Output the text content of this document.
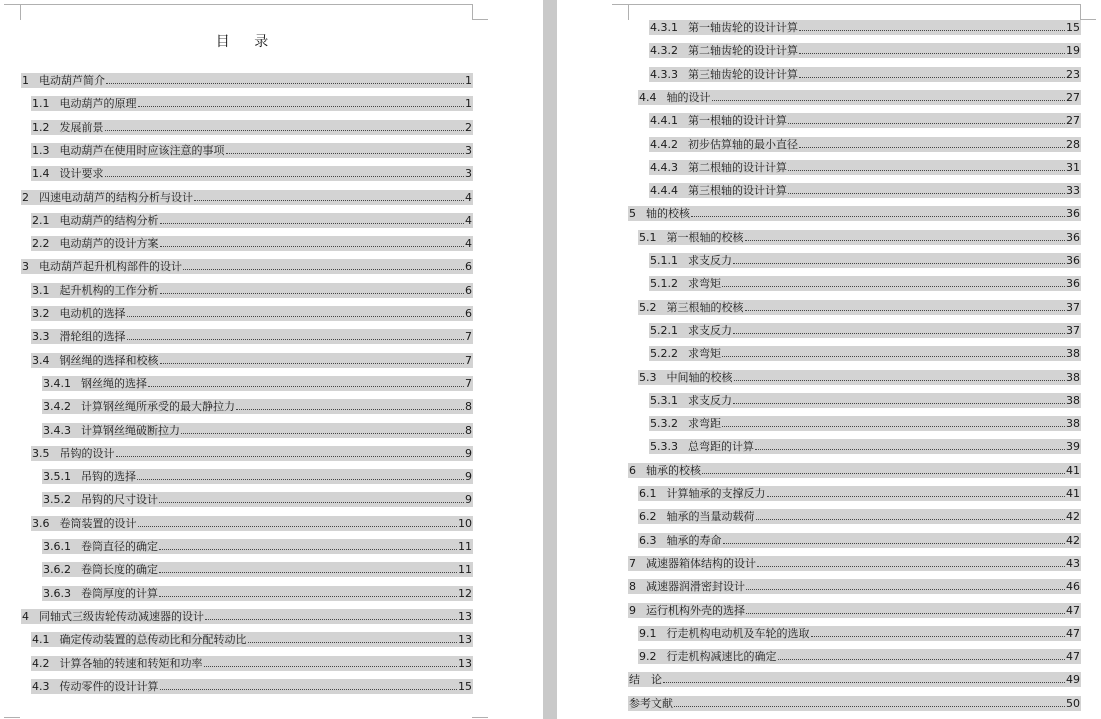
目 录
1 电动葫芦简介	1
1.1 电动葫芦的原理	1
1.2 发展前景	2
1.3 电动葫芦在使用时应该注意的事项	3
1.4 设计要求	3
2 四速电动葫芦的结构分析与设计	4
2.1 电动葫芦的结构分析	4
2.2 电动葫芦的设计方案	4
3 电动葫芦起升机构部件的设计	6
3.1 起升机构的工作分析	6
3.2 电动机的选择	6
3.3 滑轮组的选择	7
3.4 钢丝绳的选择和校核	7
3.4.1 钢丝绳的选择	7
3.4.2 计算钢丝绳所承受的最大静拉力	8
3.4.3 计算钢丝绳破断拉力	8
3.5 吊钩的设计	9
3.5.1 吊钩的选择	9
3.5.2 吊钩的尺寸设计	9
3.6 卷筒装置的设计	10
3.6.1 卷筒直径的确定	11
3.6.2 卷筒长度的确定	11
3.6.3 卷筒厚度的计算	12
4 同轴式三级齿轮传动减速器的设计	13
4.1 确定传动装置的总传动比和分配转动比	13
4.2 计算各轴的转速和转矩和功率	13
4.3 传动零件的设计计算	15
4.3.1 第一轴齿轮的设计计算	15
4.3.2 第二轴齿轮的设计计算	19
4.3.3 第三轴齿轮的设计计算	23
4.4 轴的设计	27
4.4.1 第一根轴的设计计算	27
4.4.2 初步估算轴的最小直径	28
4.4.3 第二根轴的设计计算	31
4.4.4 第三根轴的设计计算	33
5 轴的校核	36
5.1 第一根轴的校核	36
5.1.1 求支反力	36
5.1.2 求弯矩	36
5.2 第三根轴的校核	37
5.2.1 求支反力	37
5.2.2 求弯矩	38
5.3 中间轴的校核	38
5.3.1 求支反力	38
5.3.2 求弯距	38
5.3.3 总弯距的计算	39
6 轴承的校核	41
6.1 计算轴承的支撑反力	41
6.2 轴承的当量动载荷	42
6.3 轴承的寿命	42
7 减速器箱体结构的设计	43
8 减速器润滑密封设计	46
9 运行机构外壳的选择	47
9.1 行走机构电动机及车轮的选取	47
9.2 行走机构减速比的确定	47
结　论	49
参考文献	50
